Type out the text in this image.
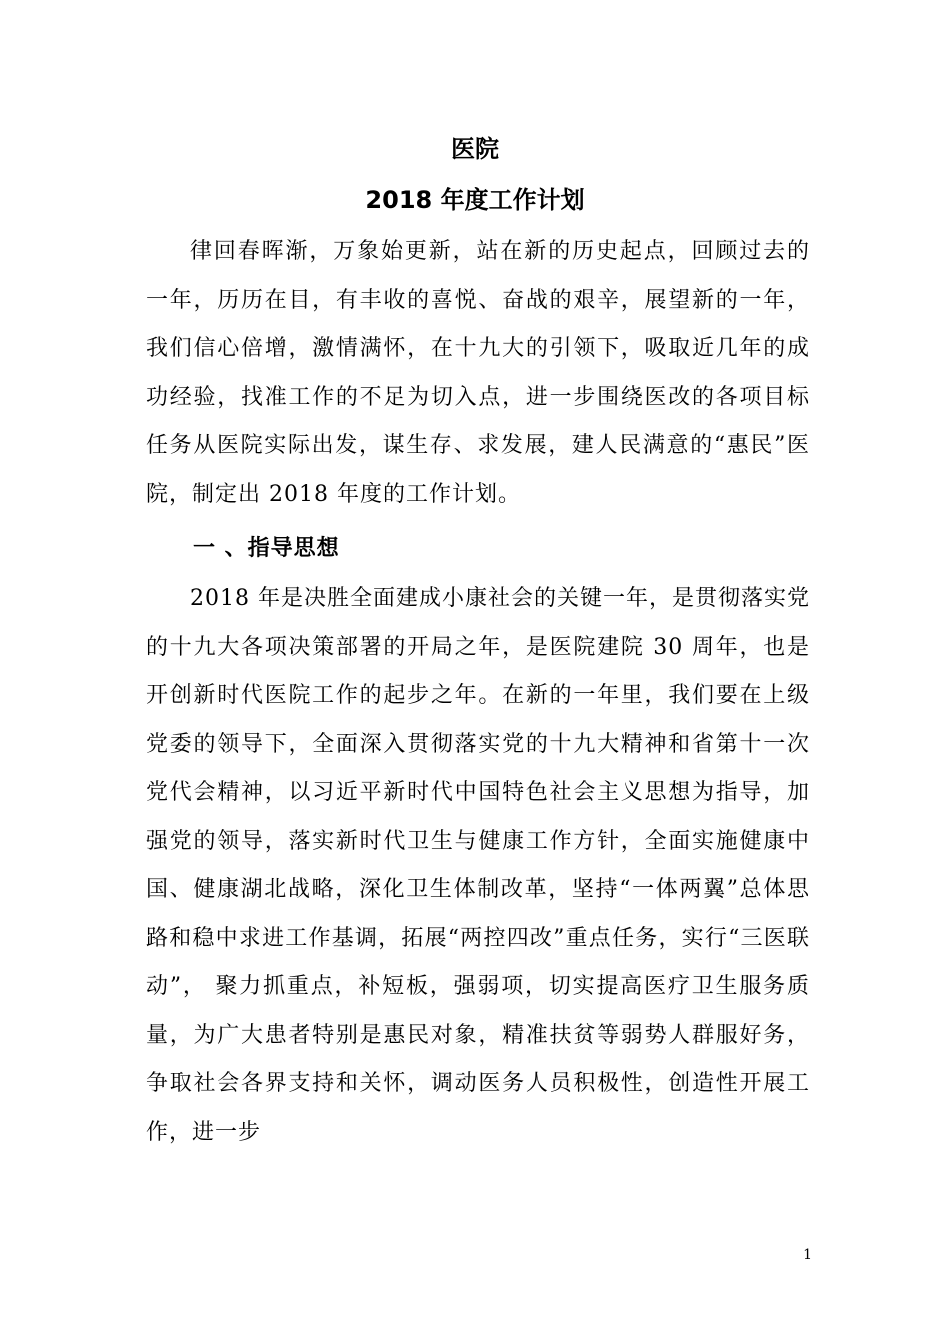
医院
2018 年度工作计划

律回春晖渐，万象始更新，站在新的历史起点，回顾过去的一年，历历在目，有丰收的喜悦、奋战的艰辛，展望新的一年，我们信心倍增，激情满怀，在十九大的引领下，吸取近几年的成功经验，找准工作的不足为切入点，进一步围绕医改的各项目标任务从医院实际出发，谋生存、求发展，建人民满意的“惠民”医院，制定出 2018 年度的工作计划。

一 、指导思想

2018 年是决胜全面建成小康社会的关键一年，是贯彻落实党的十九大各项决策部署的开局之年，是医院建院 30 周年，也是开创新时代医院工作的起步之年。在新的一年里，我们要在上级党委的领导下，全面深入贯彻落实党的十九大精神和省第十一次党代会精神，以习近平新时代中国特色社会主义思想为指导，加强党的领导，落实新时代卫生与健康工作方针，全面实施健康中国、健康湖北战略，深化卫生体制改革，坚持“一体两翼”总体思路和稳中求进工作基调，拓展“两控四改”重点任务，实行“三医联动”， 聚力抓重点，补短板，强弱项，切实提高医疗卫生服务质量，为广大患者特别是惠民对象，精准扶贫等弱势人群服好务，争取社会各界支持和关怀，调动医务人员积极性，创造性开展工作，进一步

1
